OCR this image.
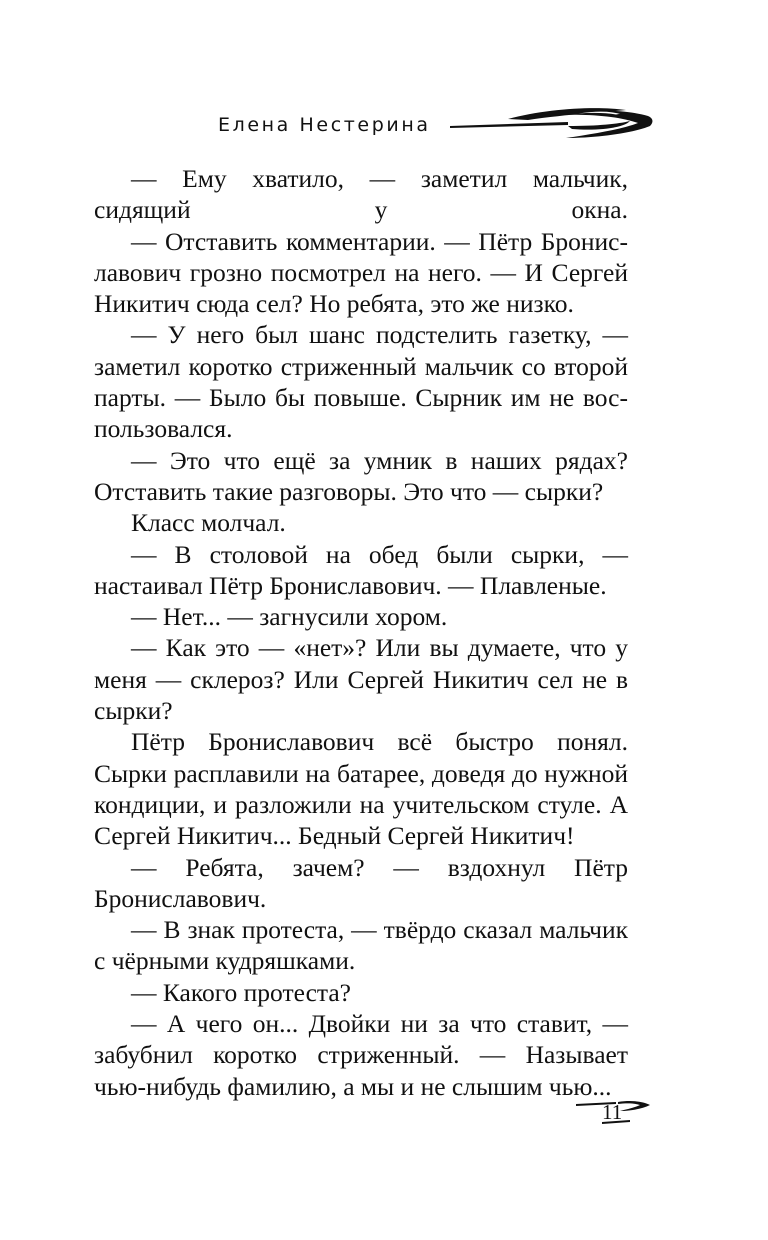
Елена Нестерина

— Ему хватило, — заметил мальчик, сидящий у окна.

— Отставить комментарии. — Пётр Брониславович грозно посмотрел на него. — И Сергей Никитич сюда сел? Но ребята, это же низко.

— У него был шанс подстелить газетку, — заметил коротко стриженный мальчик со второй парты. — Было бы повыше. Сырник им не воспользовался.

— Это что ещё за умник в наших рядах? Отставить такие разговоры. Это что — сырки?

Класс молчал.

— В столовой на обед были сырки, — настаивал Пётр Брониславович. — Плавленые.

— Нет... — загнусили хором.

— Как это — «нет»? Или вы думаете, что у меня — склероз? Или Сергей Никитич сел не в сырки?

Пётр Брониславович всё быстро понял. Сырки расплавили на батарее, доведя до нужной кондиции, и разложили на учительском стуле. А Сергей Никитич... Бедный Сергей Никитич!

— Ребята, зачем? — вздохнул Пётр Брониславович.

— В знак протеста, — твёрдо сказал мальчик с чёрными кудряшками.

— Какого протеста?

— А чего он... Двойки ни за что ставит, — забубнил коротко стриженный. — Называет чью-нибудь фамилию, а мы и не слышим чью...

11
